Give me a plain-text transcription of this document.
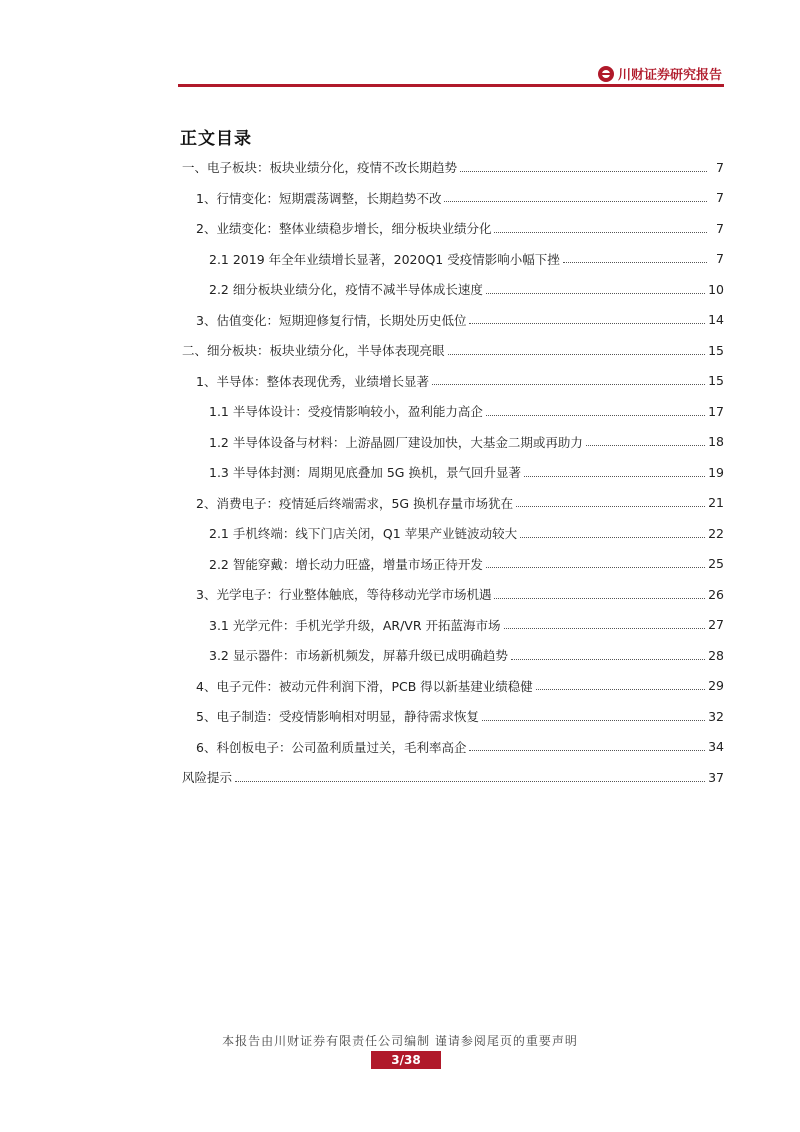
川财证券研究报告
正文目录
一、电子板块：板块业绩分化，疫情不改长期趋势	7
1、行情变化：短期震荡调整，长期趋势不改	7
2、业绩变化：整体业绩稳步增长，细分板块业绩分化	7
2.1 2019 年全年业绩增长显著，2020Q1 受疫情影响小幅下挫	7
2.2 细分板块业绩分化，疫情不减半导体成长速度	10
3、估值变化：短期迎修复行情，长期处历史低位	14
二、细分板块：板块业绩分化，半导体表现亮眼	15
1、半导体：整体表现优秀，业绩增长显著	15
1.1 半导体设计：受疫情影响较小，盈利能力高企	17
1.2 半导体设备与材料：上游晶圆厂建设加快，大基金二期或再助力	18
1.3 半导体封测：周期见底叠加 5G 换机，景气回升显著	19
2、消费电子：疫情延后终端需求，5G 换机存量市场犹在	21
2.1 手机终端：线下门店关闭，Q1 苹果产业链波动较大	22
2.2 智能穿戴：增长动力旺盛，增量市场正待开发	25
3、光学电子：行业整体触底，等待移动光学市场机遇	26
3.1 光学元件：手机光学升级，AR/VR 开拓蓝海市场	27
3.2 显示器件：市场新机频发，屏幕升级已成明确趋势	28
4、电子元件：被动元件利润下滑，PCB 得以新基建业绩稳健	29
5、电子制造：受疫情影响相对明显，静待需求恢复	32
6、科创板电子：公司盈利质量过关，毛利率高企	34
风险提示	37
本报告由川财证券有限责任公司编制 谨请参阅尾页的重要声明
3/38
